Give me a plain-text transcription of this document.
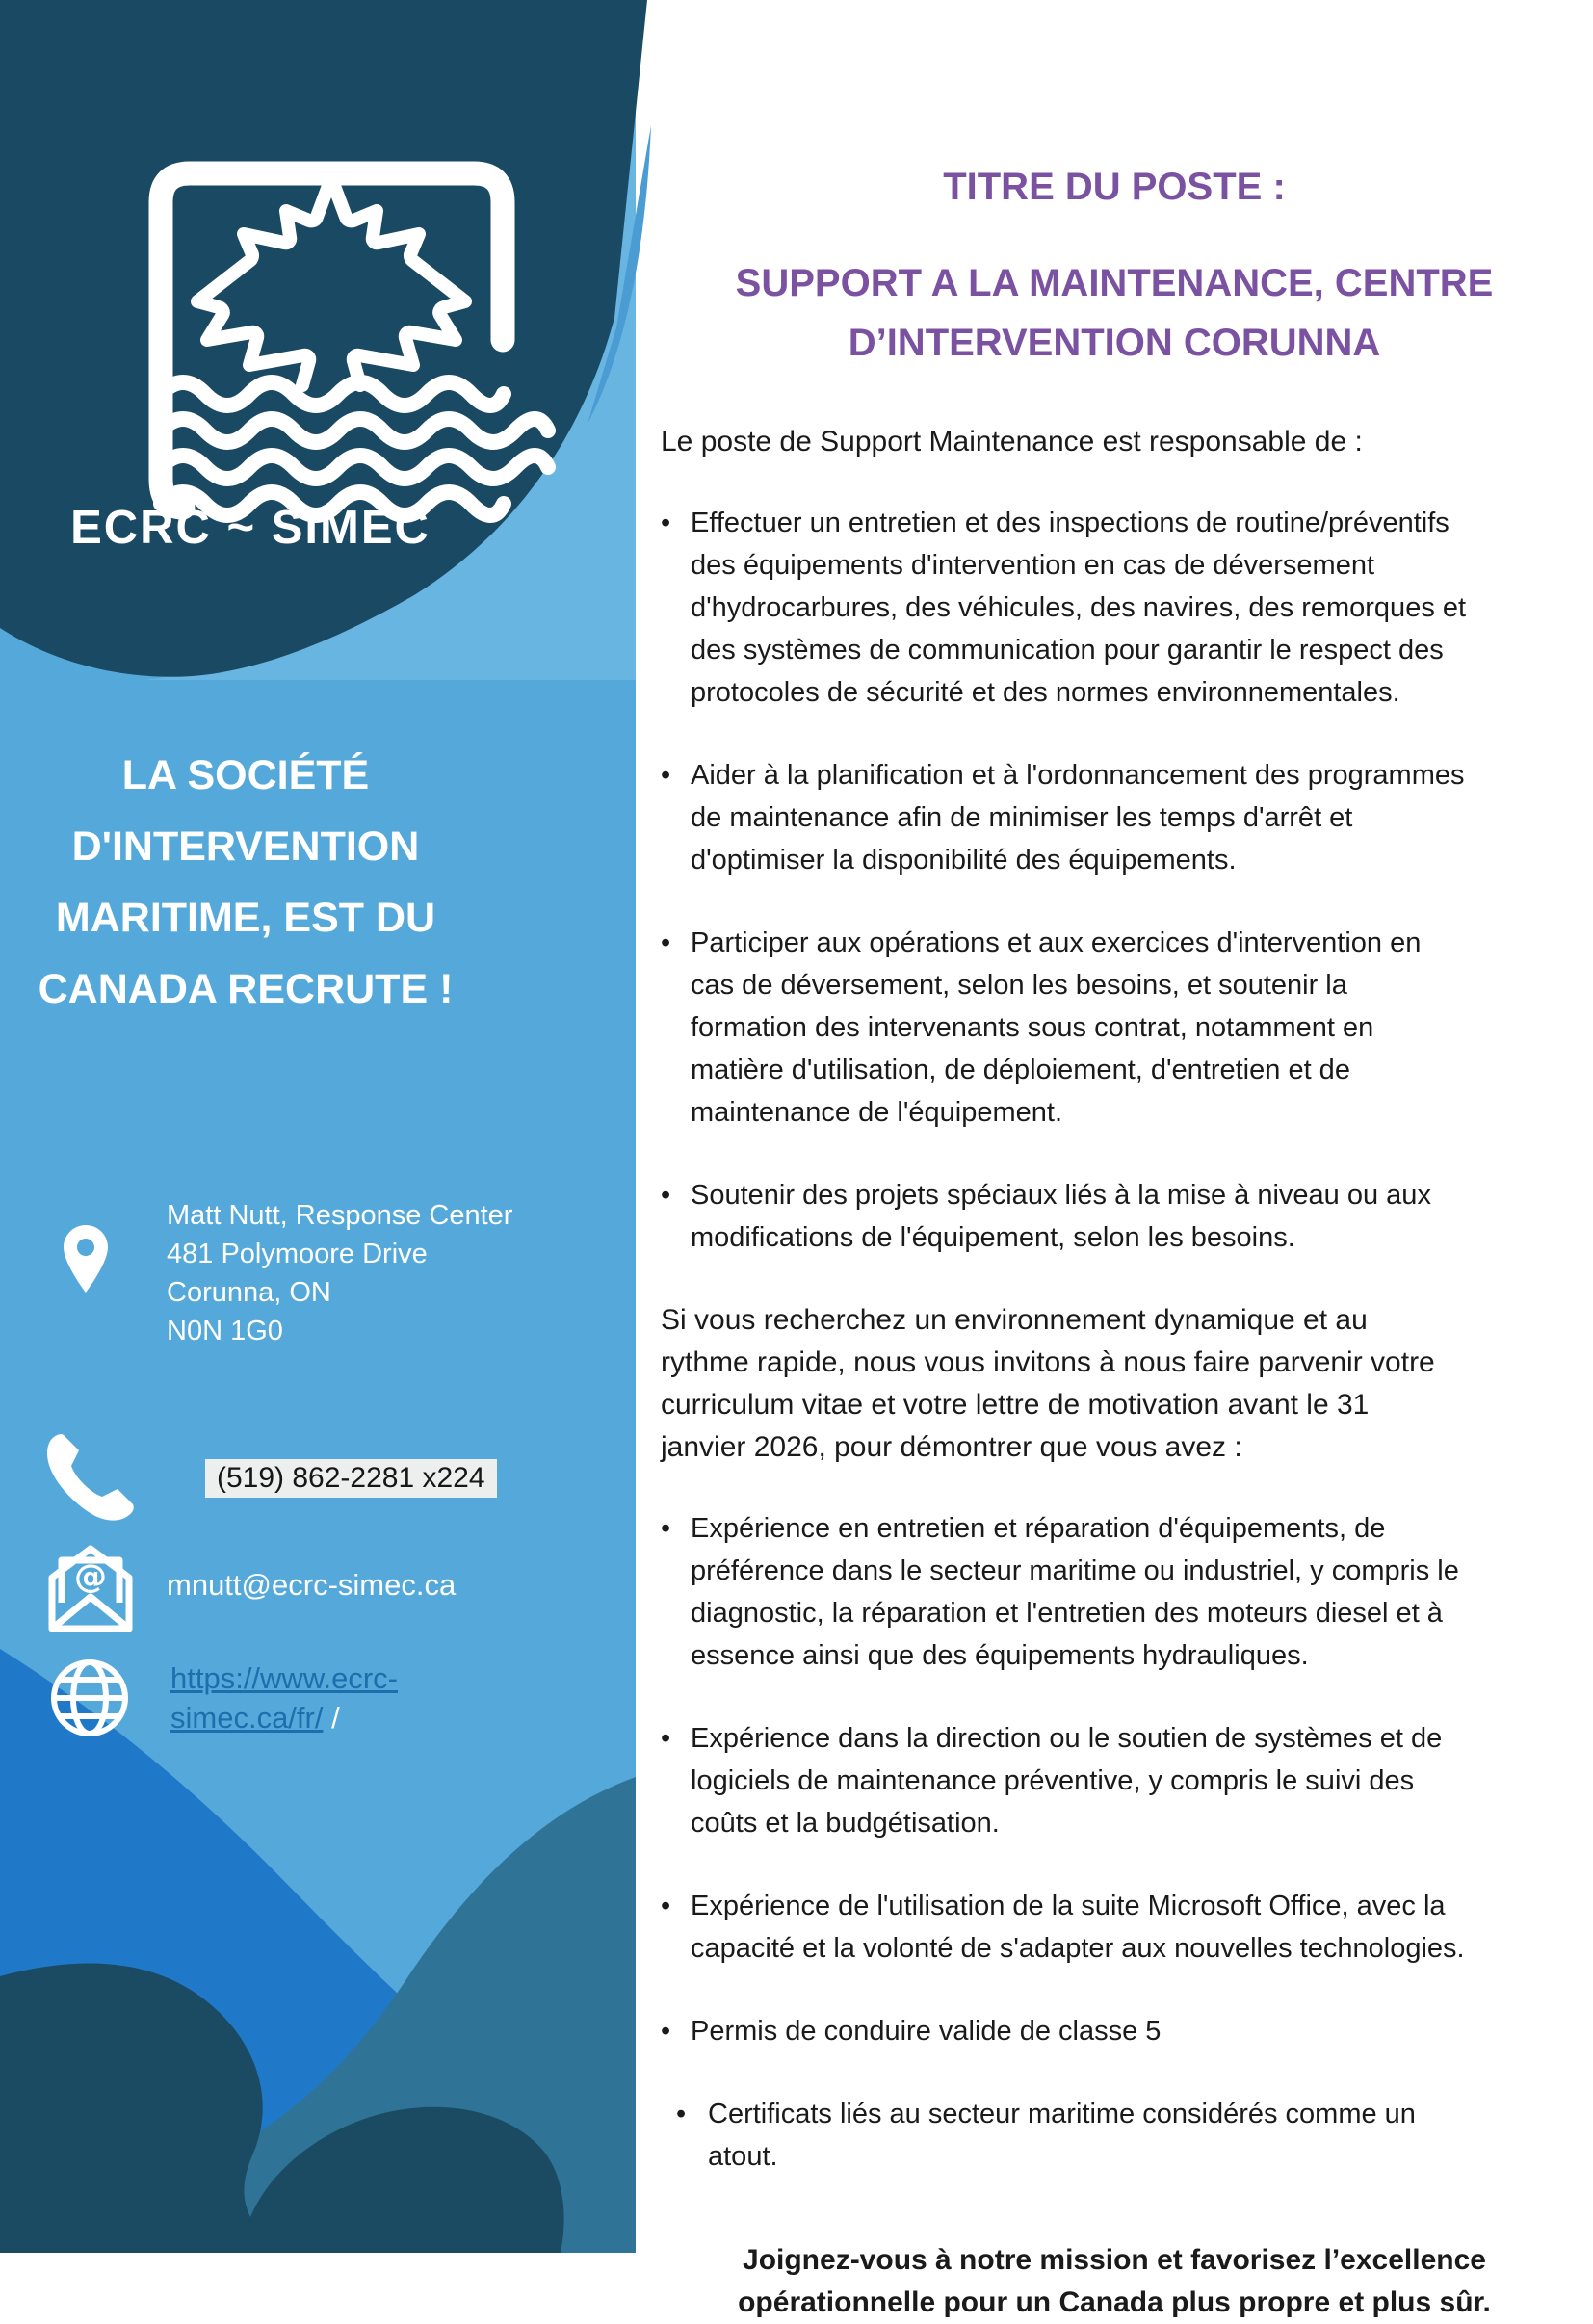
ECRC ~ SIMEC
LA SOCIÉTÉ
D'INTERVENTION
MARITIME, EST DU
CANADA RECRUTE !
Matt Nutt, Response Center
481 Polymoore Drive
Corunna, ON
N0N 1G0
(519) 862-2281 x224
@ mnutt@ecrc-simec.ca
https://www.ecrc-
simec.ca/fr/ /
TITRE DU POSTE :
SUPPORT A LA MAINTENANCE, CENTRE
D’INTERVENTION CORUNNA

Le poste de Support Maintenance est responsable de :

• Effectuer un entretien et des inspections de routine/préventifs des équipements d'intervention en cas de déversement d'hydrocarbures, des véhicules, des navires, des remorques et des systèmes de communication pour garantir le respect des protocoles de sécurité et des normes environnementales.
• Aider à la planification et à l'ordonnancement des programmes de maintenance afin de minimiser les temps d'arrêt et d'optimiser la disponibilité des équipements.
• Participer aux opérations et aux exercices d'intervention en cas de déversement, selon les besoins, et soutenir la formation des intervenants sous contrat, notamment en matière d'utilisation, de déploiement, d'entretien et de maintenance de l'équipement.
• Soutenir des projets spéciaux liés à la mise à niveau ou aux modifications de l'équipement, selon les besoins.

Si vous recherchez un environnement dynamique et au rythme rapide, nous vous invitons à nous faire parvenir votre curriculum vitae et votre lettre de motivation avant le 31 janvier 2026, pour démontrer que vous avez :

• Expérience en entretien et réparation d'équipements, de préférence dans le secteur maritime ou industriel, y compris le diagnostic, la réparation et l'entretien des moteurs diesel et à essence ainsi que des équipements hydrauliques.
• Expérience dans la direction ou le soutien de systèmes et de logiciels de maintenance préventive, y compris le suivi des coûts et la budgétisation.
• Expérience de l'utilisation de la suite Microsoft Office, avec la capacité et la volonté de s'adapter aux nouvelles technologies.
• Permis de conduire valide de classe 5
• Certificats liés au secteur maritime considérés comme un atout.

Joignez-vous à notre mission et favorisez l’excellence opérationnelle pour un Canada plus propre et plus sûr.
